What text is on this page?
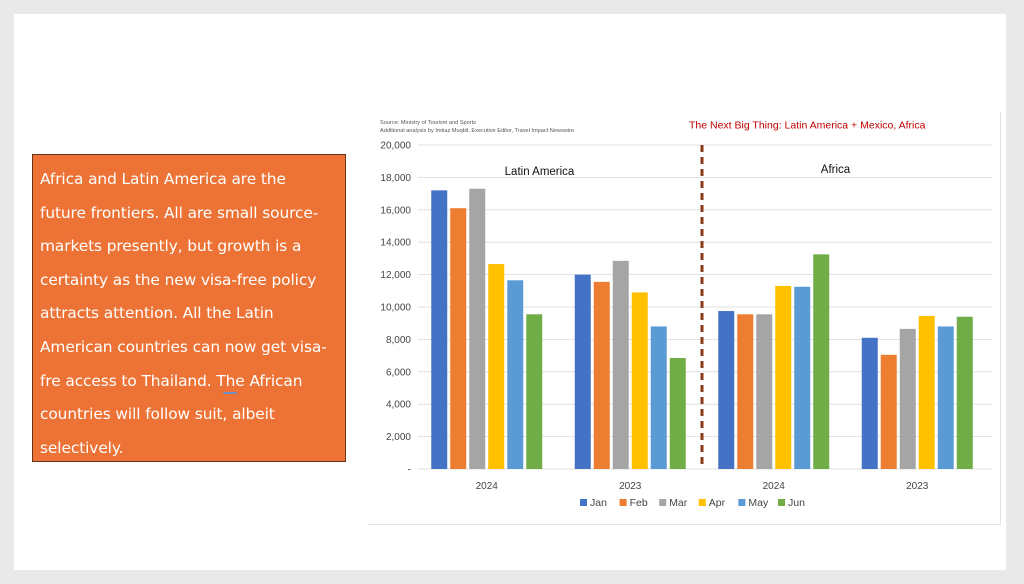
Africa and Latin America are the
future frontiers. All are small source-
markets presently, but growth is a
certainty as the new visa-free policy
attracts attention. All the Latin
American countries can now get visa-
fre access to Thailand. The African
countries will follow suit, albeit
selectively.
Source: Ministry of Tourism and Sports
Additional analysis by Imtiaz Muqbil, Executive Editor, Travel Impact Newswire	The Next Big Thing: Latin America + Mexico, Africa
-
2,000
4,000
6,000
8,000
10,000
12,000
14,000
16,000
18,000
20,000
2024	2023	2024	2023
Latin America	Africa
Jan Feb Mar Apr May Jun
